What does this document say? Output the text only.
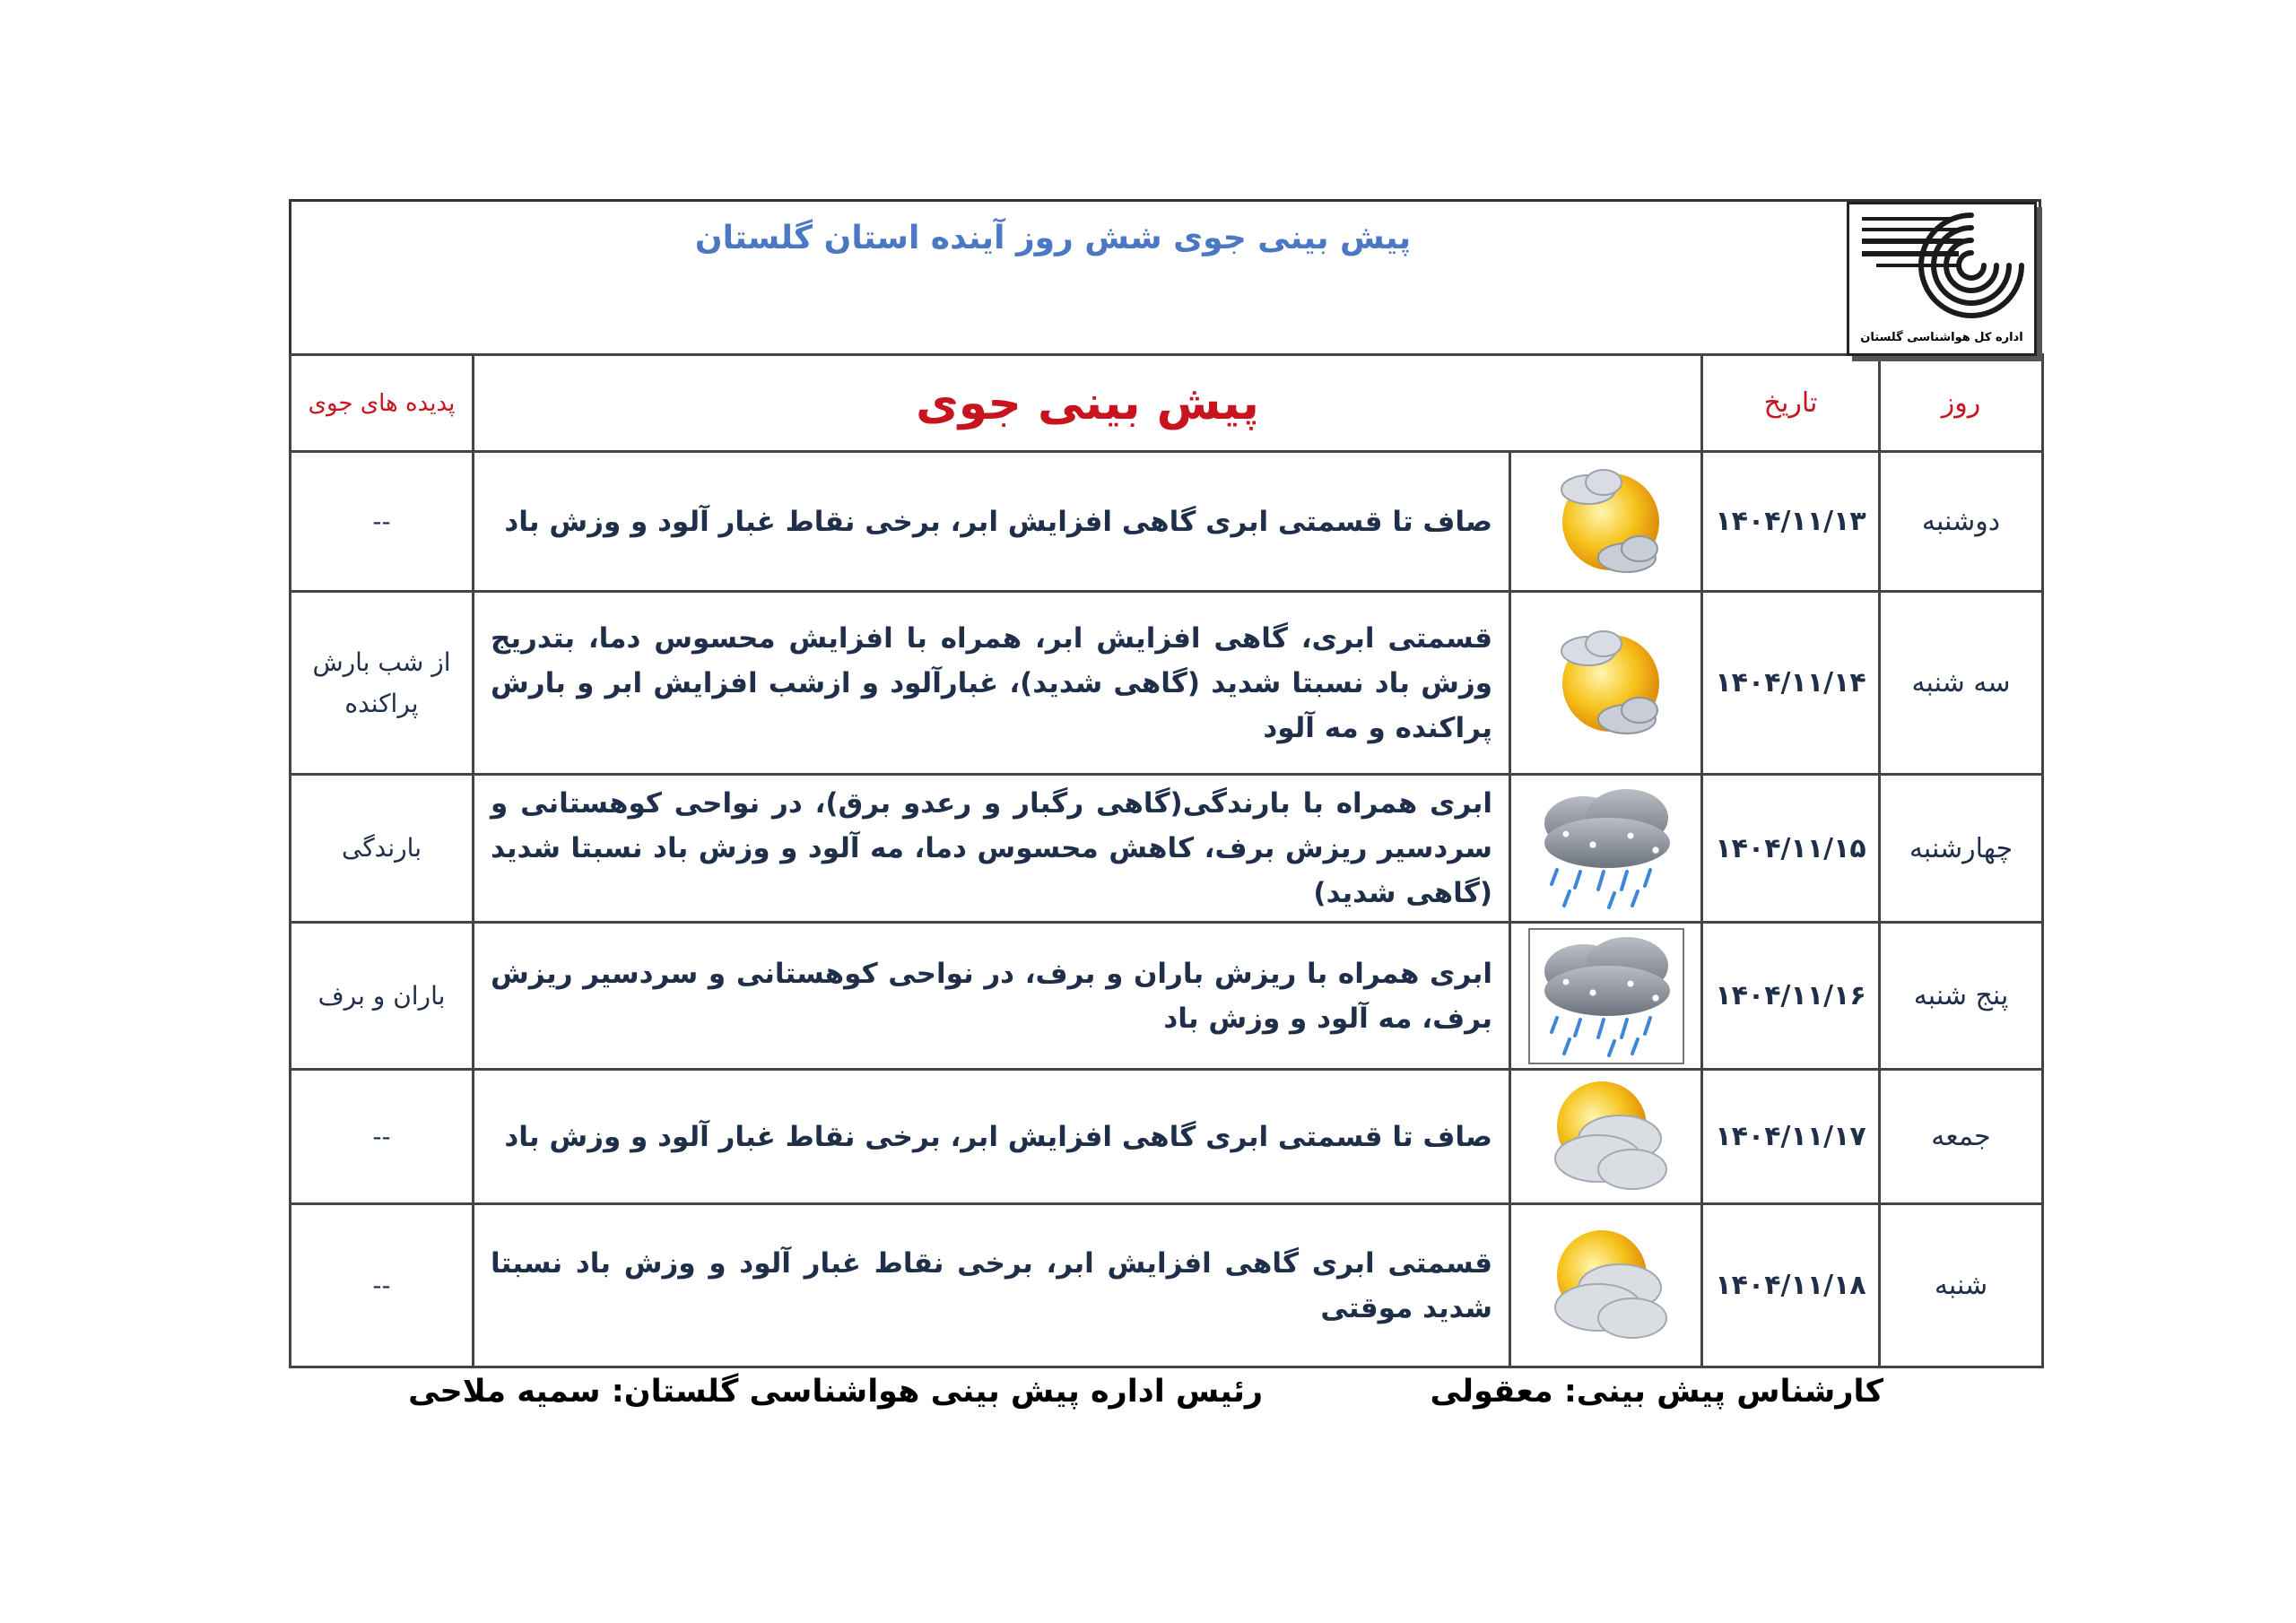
پیش بینی جوی شش روز آینده استان گلستان
اداره کل هواشناسی گلستان
روز	تاریخ	پیش بینی جوی		پدیده های جوی
دوشنبه	۱۴۰۴/۱۱/۱۳		صاف تا قسمتی ابری گاهی افزایش ابر، برخی نقاط غبار آلود و وزش باد	--
سه شنبه	۱۴۰۴/۱۱/۱۴		قسمتی ابری، گاهی افزایش ابر، همراه با افزایش محسوس دما، بتدریج وزش باد نسبتا شدید (گاهی شدید)، غبارآلود و ازشب افزایش ابر و بارش پراکنده و مه آلود	از شب بارش پراکنده
چهارشنبه	۱۴۰۴/۱۱/۱۵		ابری همراه با بارندگی(گاهی رگبار و رعدو برق)، در نواحی کوهستانی و سردسیر ریزش برف، کاهش محسوس دما، مه آلود و وزش باد نسبتا شدید (گاهی شدید)	بارندگی
پنج شنبه	۱۴۰۴/۱۱/۱۶		ابری همراه با ریزش باران و برف، در نواحی کوهستانی و سردسیر ریزش برف، مه آلود و وزش باد	باران و برف
جمعه	۱۴۰۴/۱۱/۱۷		صاف تا قسمتی ابری گاهی افزایش ابر، برخی نقاط غبار آلود و وزش باد	--
شنبه	۱۴۰۴/۱۱/۱۸		قسمتی ابری گاهی افزایش ابر، برخی نقاط غبار آلود و وزش باد نسبتا شدید موقتی	--
کارشناس پیش بینی: معقولی
رئیس اداره پیش بینی هواشناسی گلستان: سمیه ملاحی
